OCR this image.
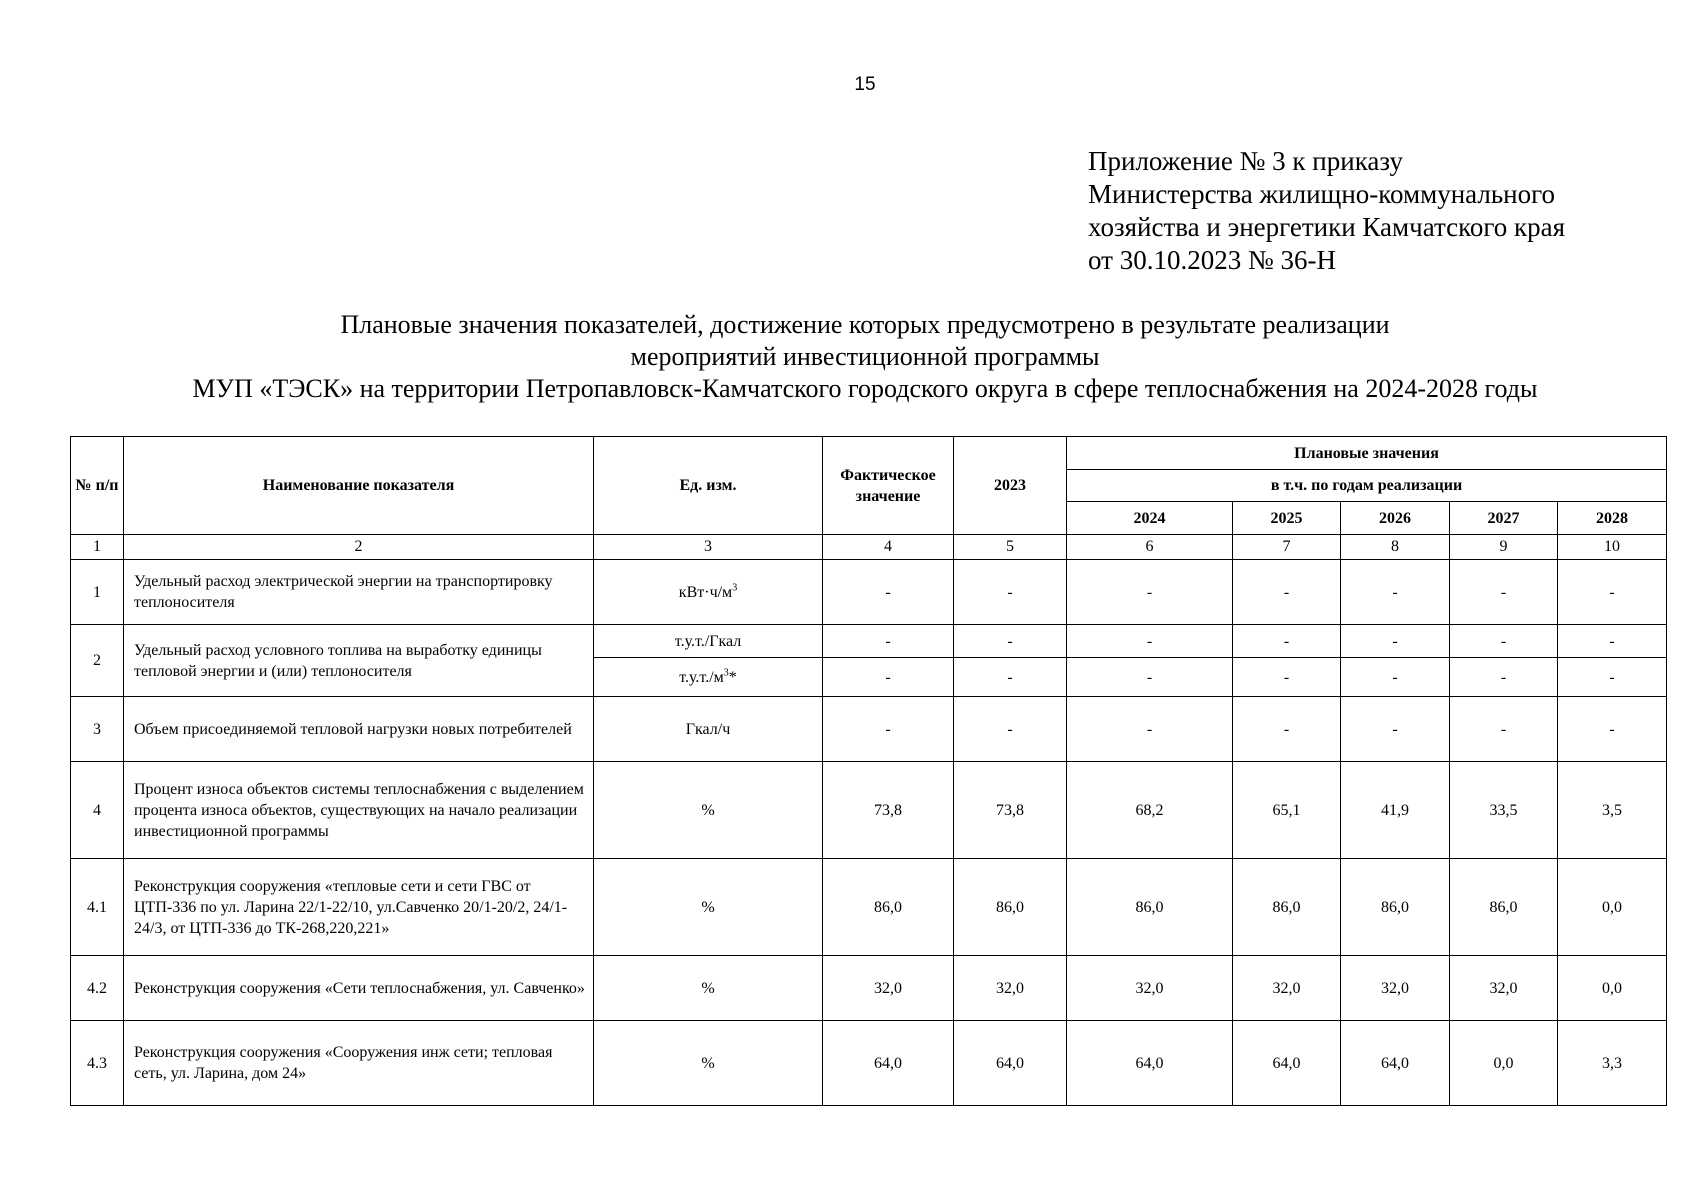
15
Приложение № 3 к приказу
Министерства жилищно-коммунального
хозяйства и энергетики Камчатского края
от 30.10.2023 № 36-Н
Плановые значения показателей, достижение которых предусмотрено в результате реализации
мероприятий инвестиционной программы
МУП «ТЭСК» на территории Петропавловск-Камчатского городского округа в сфере теплоснабжения на 2024-2028 годы
№ п/п	Наименование показателя	Ед. изм.	Фактическое значение	2023	Плановые значения				
					в т.ч. по годам реализации				
					2024	2025	2026	2027	2028
1	2	3	4	5	6	7	8	9	10
1	Удельный расход электрической энергии на транспортировку теплоносителя	$кВт\cdot ч/м^3$	-	-	-	-	-	-	-
2	Удельный расход условного топлива на выработку единицы тепловой энергии и (или) теплоносителя	т.у.т./Гкал	-	-	-	-	-	-	-
		$т.у.т./м^3*$	-	-	-	-	-	-	-
3	Объем присоединяемой тепловой нагрузки новых потребителей	Гкал/ч	-	-	-	-	-	-	-
4	Процент износа объектов системы теплоснабжения с выделением процента износа объектов, существующих на начало реализации инвестиционной программы	%	73,8	73,8	68,2	65,1	41,9	33,5	3,5
4.1	Реконструкция сооружения «тепловые сети и сети ГВС от ЦТП-336 по ул. Ларина 22/1-22/10, ул.Савченко 20/1-20/2, 24/1-24/3, от ЦТП-336 до ТК-268,220,221»	%	86,0	86,0	86,0	86,0	86,0	86,0	0,0
4.2	Реконструкция сооружения «Сети теплоснабжения, ул. Савченко»	%	32,0	32,0	32,0	32,0	32,0	32,0	0,0
4.3	Реконструкция сооружения «Сооружения инж сети; тепловая сеть, ул. Ларина, дом 24»	%	64,0	64,0	64,0	64,0	64,0	0,0	3,3
